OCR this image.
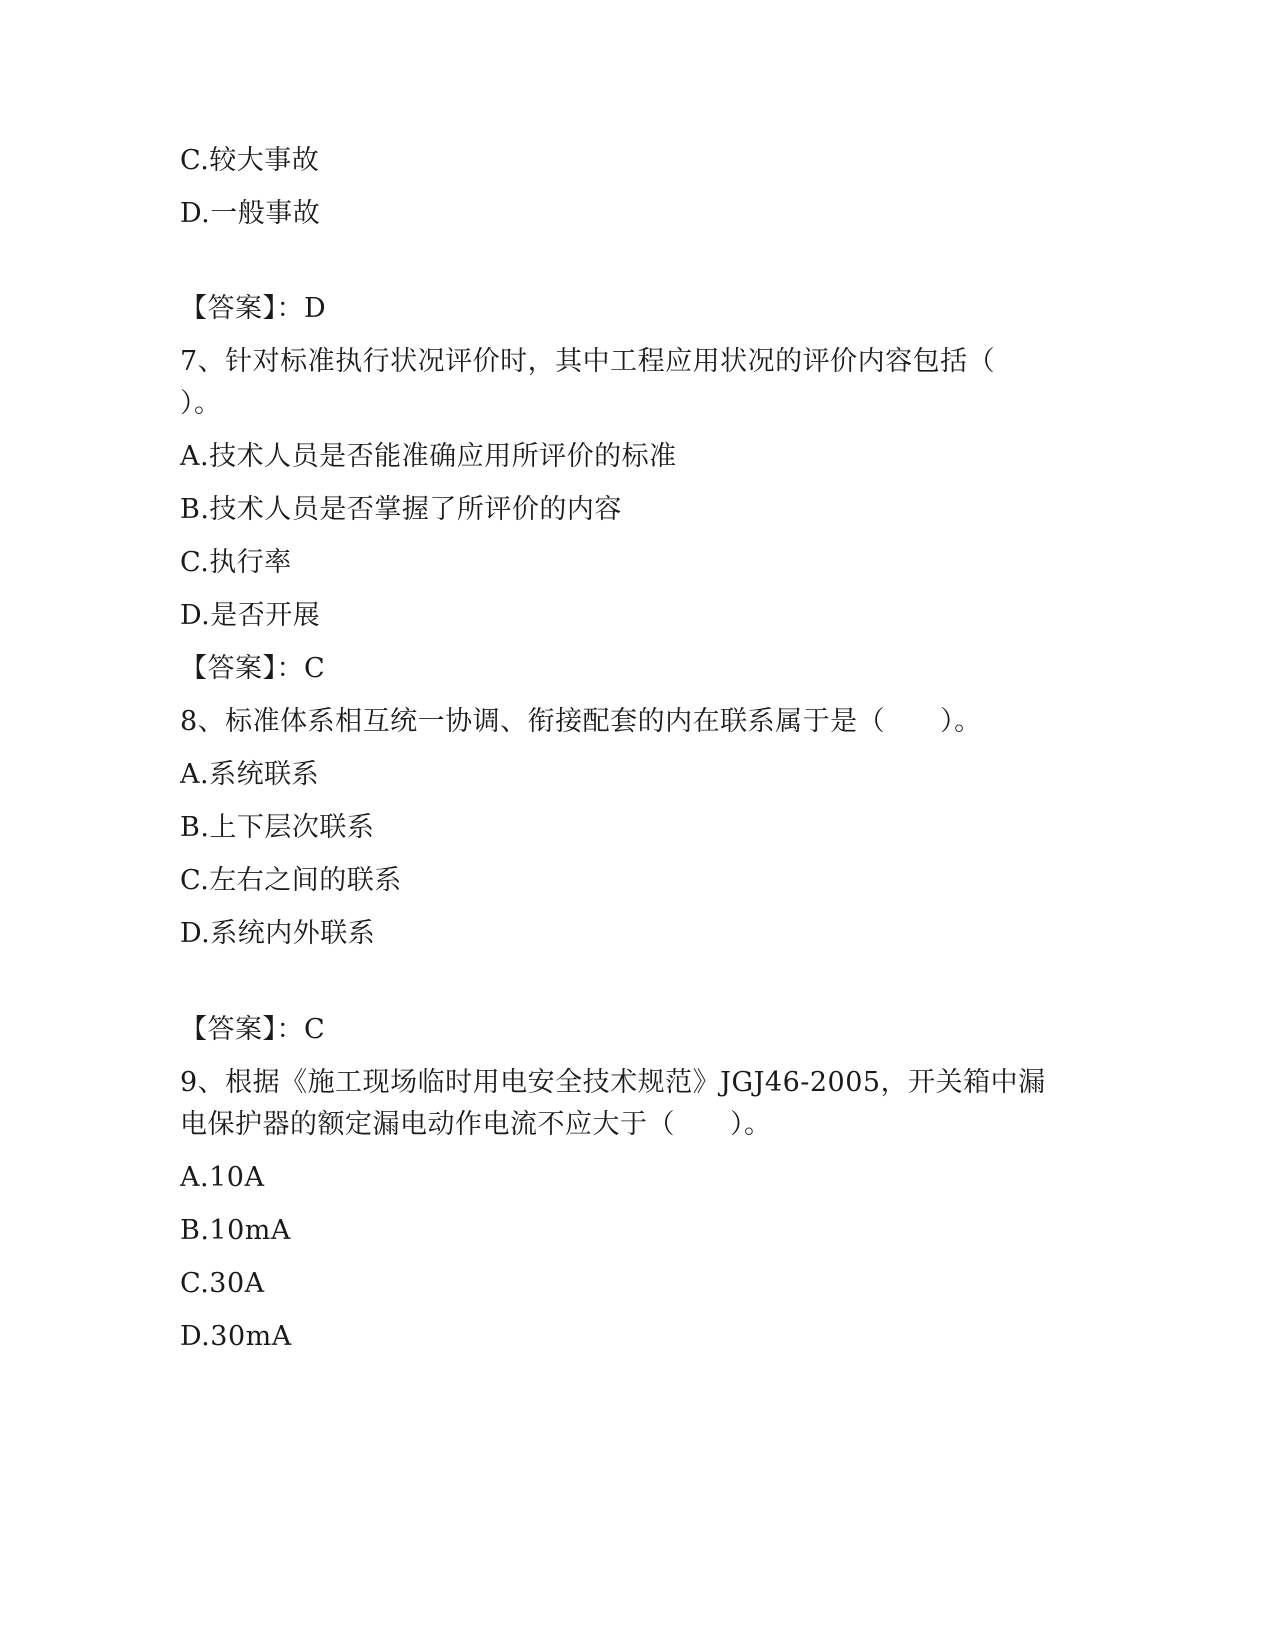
C.较大事故
D.一般事故
【答案】：D
7、针对标准执行状况评价时，其中工程应用状况的评价内容包括（
）。
A.技术人员是否能准确应用所评价的标准
B.技术人员是否掌握了所评价的内容
C.执行率
D.是否开展
【答案】：C
8、标准体系相互统一协调、衔接配套的内在联系属于是（　　）。
A.系统联系
B.上下层次联系
C.左右之间的联系
D.系统内外联系
【答案】：C
9、根据《施工现场临时用电安全技术规范》JGJ46-2005，开关箱中漏
电保护器的额定漏电动作电流不应大于（　　）。
A.10A
B.10mA
C.30A
D.30mA
